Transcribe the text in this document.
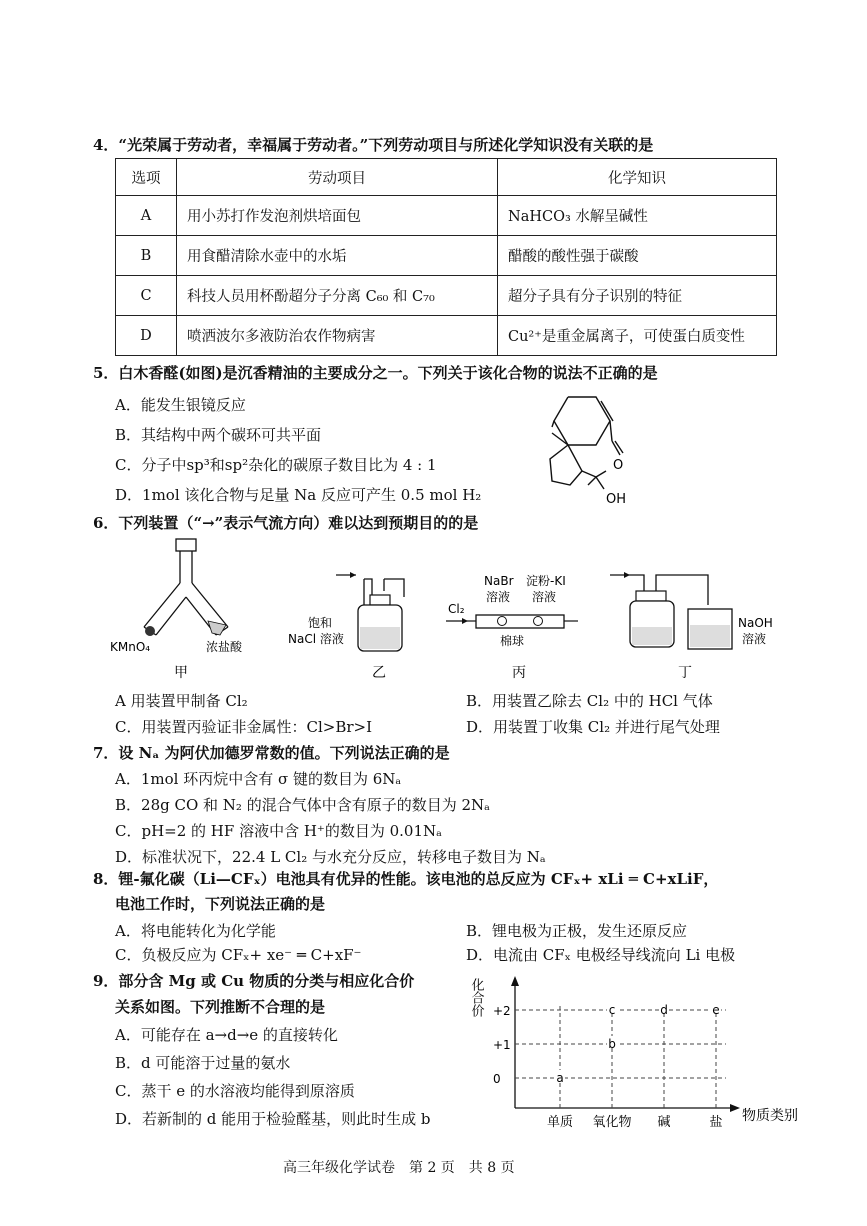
4．“光荣属于劳动者，幸福属于劳动者。”下列劳动项目与所述化学知识没有关联的是
选项	劳动项目	化学知识
A	用小苏打作发泡剂烘培面包	NaHCO₃ 水解呈碱性
B	用食醋清除水壶中的水垢	醋酸的酸性强于碳酸
C	科技人员用杯酚超分子分离 C₆₀ 和 C₇₀	超分子具有分子识别的特征
D	喷洒波尔多液防治农作物病害	Cu²⁺是重金属离子，可使蛋白质变性
5．白木香醛(如图)是沉香精油的主要成分之一。下列关于该化合物的说法不正确的是
A．能发生银镜反应
B．其结构中两个碳环可共平面
C．分子中sp³和sp²杂化的碳原子数目比为 4 : 1
D．1mol 该化合物与足量 Na 反应可产生 0.5 mol H₂
O
OH
6．下列装置（“→”表示气流方向）难以达到预期目的的是
KMnO₄	浓盐酸
甲
饱和
NaCl 溶液
乙
NaBr
溶液
淀粉-KI
溶液
Cl₂
棉球
丙
NaOH
溶液
丁
A 用装置甲制备 Cl₂	B．用装置乙除去 Cl₂ 中的 HCl 气体
C．用装置丙验证非金属性：Cl>Br>I	D．用装置丁收集 Cl₂ 并进行尾气处理
7．设 Nₐ 为阿伏加德罗常数的值。下列说法正确的是
A．1mol 环丙烷中含有 σ 键的数目为 6Nₐ
B．28g CO 和 N₂ 的混合气体中含有原子的数目为 2Nₐ
C．pH=2 的 HF 溶液中含 H⁺的数目为 0.01Nₐ
D．标准状况下，22.4 L Cl₂ 与水充分反应，转移电子数目为 Nₐ
8．锂-氟化碳（Li—CFₓ）电池具有优异的性能。该电池的总反应为 CFₓ+ xLi ═ C+xLiF，
电池工作时，下列说法正确的是
A．将电能转化为化学能	B．锂电极为正极，发生还原反应
C．负极反应为 CFₓ+ xe⁻ ═ C+xF⁻	D．电流由 CFₓ 电极经导线流向 Li 电极
9．部分含 Mg 或 Cu 物质的分类与相应化合价
关系如图。下列推断不合理的是
A．可能存在 a→d→e 的直接转化
B．d 可能溶于过量的氨水
C．蒸干 e 的水溶液均能得到原溶质
D．若新制的 d 能用于检验醛基，则此时生成 b
化合价
物质类别
0
+1
+2
单质 氧化物 碱	盐
a
b
c	d	e
高三年级化学试卷　第 2 页　共 8 页
